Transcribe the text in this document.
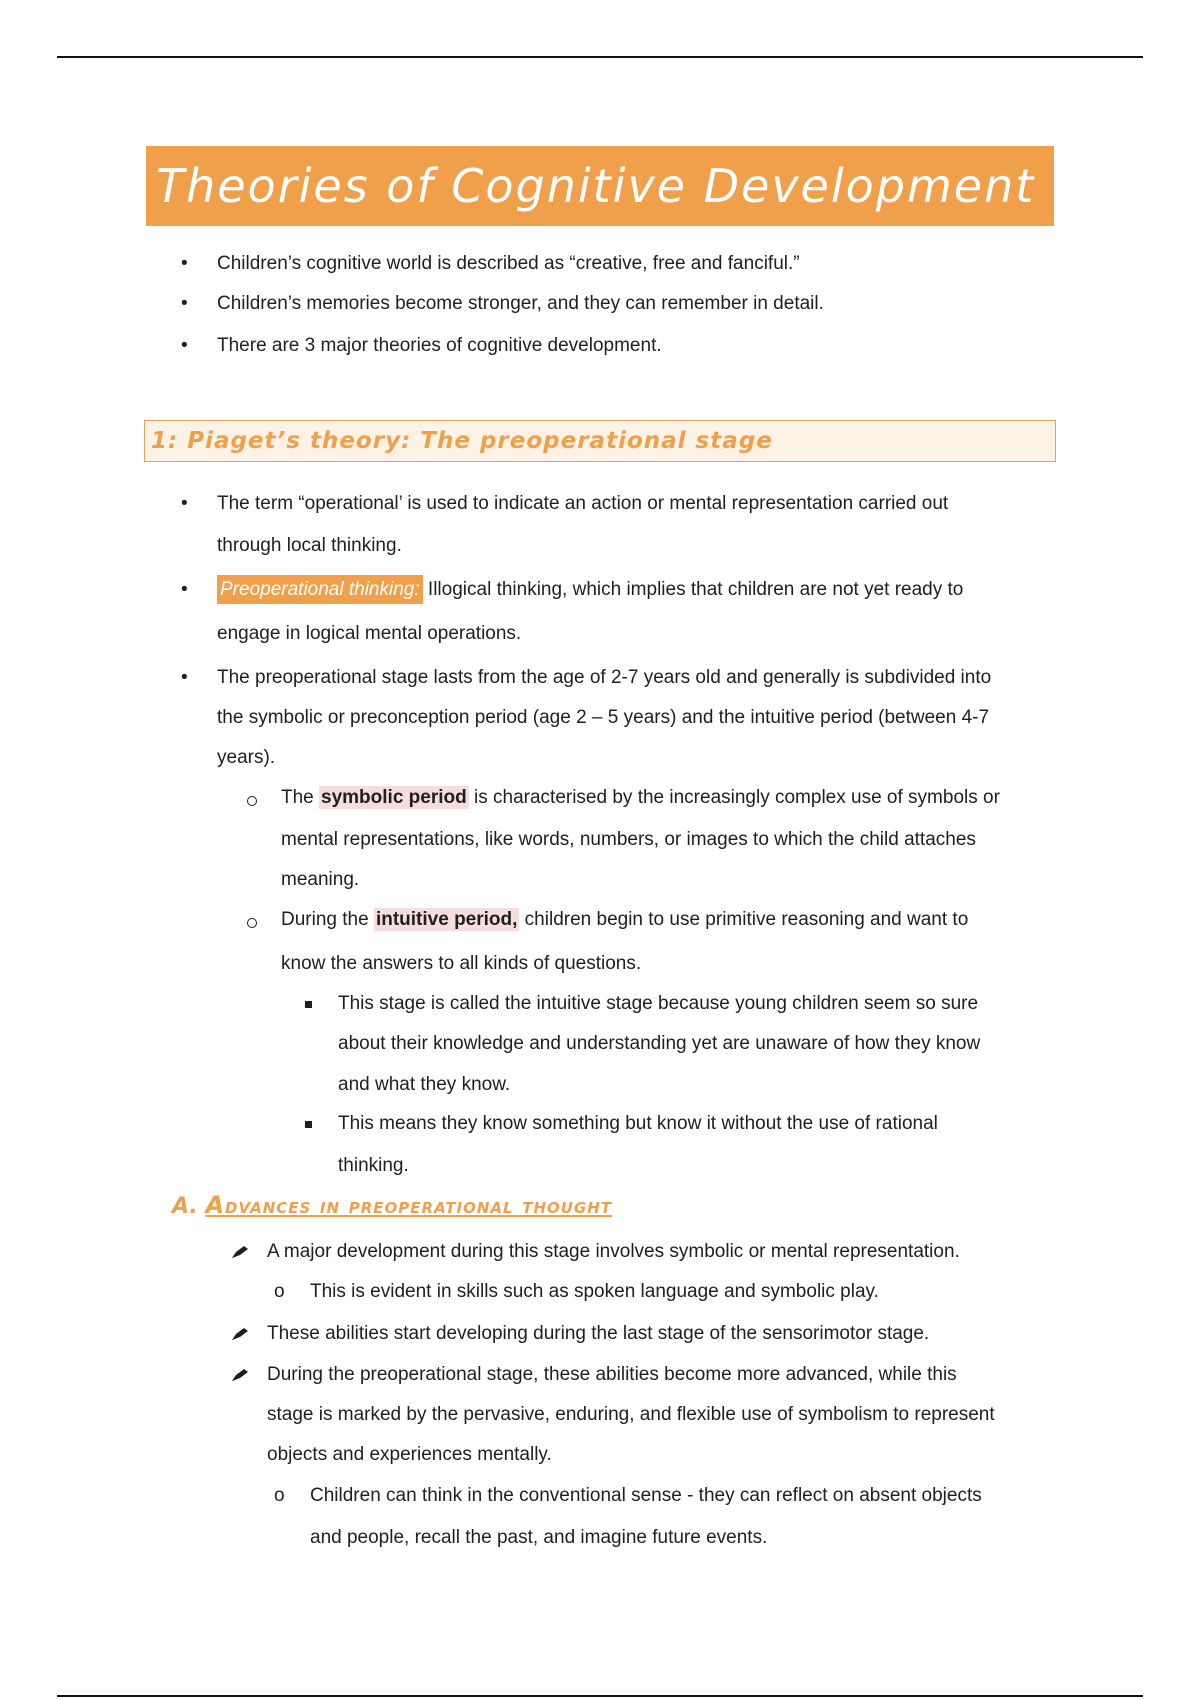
Theories of Cognitive Development
• Children’s cognitive world is described as “creative, free and fanciful.”
• Children’s memories become stronger, and they can remember in detail.
• There are 3 major theories of cognitive development.
1: Piaget’s theory: The preoperational stage
• The term “operational’ is used to indicate an action or mental representation carried out
through local thinking.
• Preoperational thinking: Illogical thinking, which implies that children are not yet ready to
engage in logical mental operations.
• The preoperational stage lasts from the age of 2-7 years old and generally is subdivided into
the symbolic or preconception period (age 2 – 5 years) and the intuitive period (between 4-7
years).
The symbolic period is characterised by the increasingly complex use of symbols or
mental representations, like words, numbers, or images to which the child attaches
meaning.
During the intuitive period, children begin to use primitive reasoning and want to
know the answers to all kinds of questions.
This stage is called the intuitive stage because young children seem so sure
about their knowledge and understanding yet are unaware of how they know
and what they know.
This means they know something but know it without the use of rational
thinking.
A. Advances in preoperational thought
A major development during this stage involves symbolic or mental representation.
o This is evident in skills such as spoken language and symbolic play.
These abilities start developing during the last stage of the sensorimotor stage.
During the preoperational stage, these abilities become more advanced, while this
stage is marked by the pervasive, enduring, and flexible use of symbolism to represent
objects and experiences mentally.
o Children can think in the conventional sense - they can reflect on absent objects
and people, recall the past, and imagine future events.
